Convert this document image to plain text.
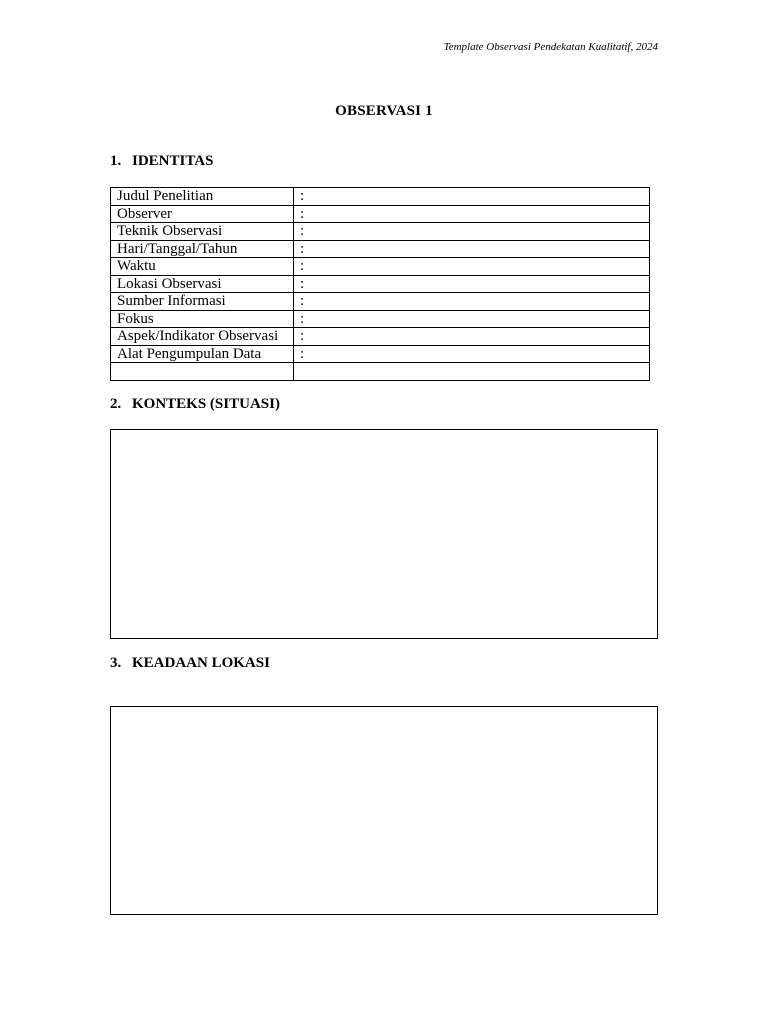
Template Observasi Pendekatan Kualitatif, 2024
OBSERVASI 1
1. IDENTITAS
Judul Penelitian	:
Observer	:
Teknik Observasi	:
Hari/Tanggal/Tahun	:
Waktu	:
Lokasi Observasi	:
Sumber Informasi	:
Fokus	:
Aspek/Indikator Observasi	:
Alat Pengumpulan Data	:

2. KONTEKS (SITUASI)
3. KEADAAN LOKASI
